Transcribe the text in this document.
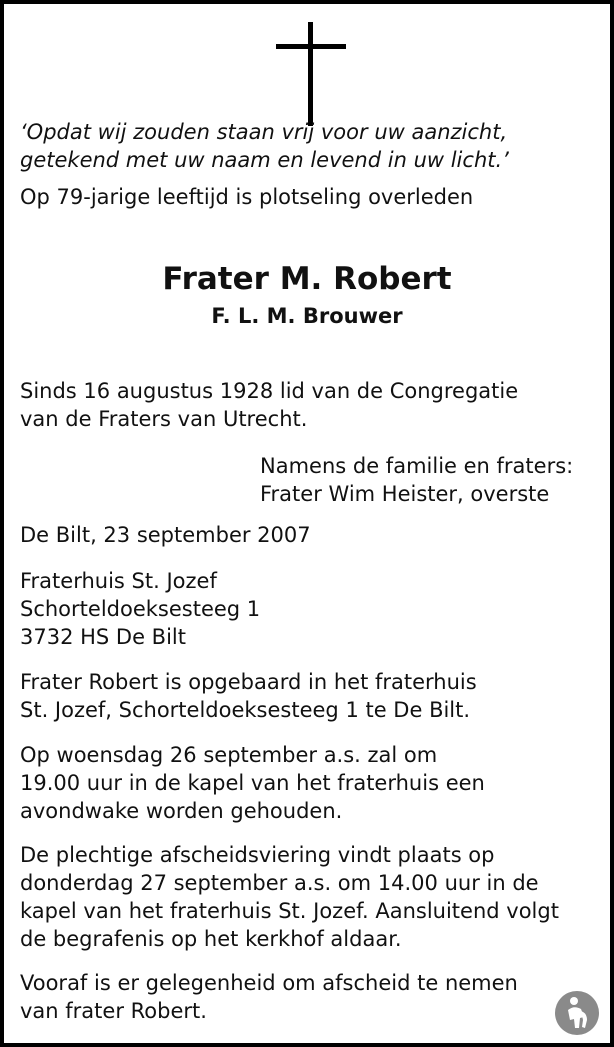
‘Opdat wij zouden staan vrij voor uw aanzicht,
getekend met uw naam en levend in uw licht.’
Op 79-jarige leeftijd is plotseling overleden
Frater M. Robert
F. L. M. Brouwer
Sinds 16 augustus 1928 lid van de Congregatie
van de Fraters van Utrecht.
Namens de familie en fraters:
Frater Wim Heister, overste
De Bilt, 23 september 2007
Fraterhuis St. Jozef
Schorteldoeksesteeg 1
3732 HS De Bilt
Frater Robert is opgebaard in het fraterhuis
St. Jozef, Schorteldoeksesteeg 1 te De Bilt.
Op woensdag 26 september a.s. zal om
19.00 uur in de kapel van het fraterhuis een
avondwake worden gehouden.
De plechtige afscheidsviering vindt plaats op
donderdag 27 september a.s. om 14.00 uur in de
kapel van het fraterhuis St. Jozef. Aansluitend volgt
de begrafenis op het kerkhof aldaar.
Vooraf is er gelegenheid om afscheid te nemen
van frater Robert.
